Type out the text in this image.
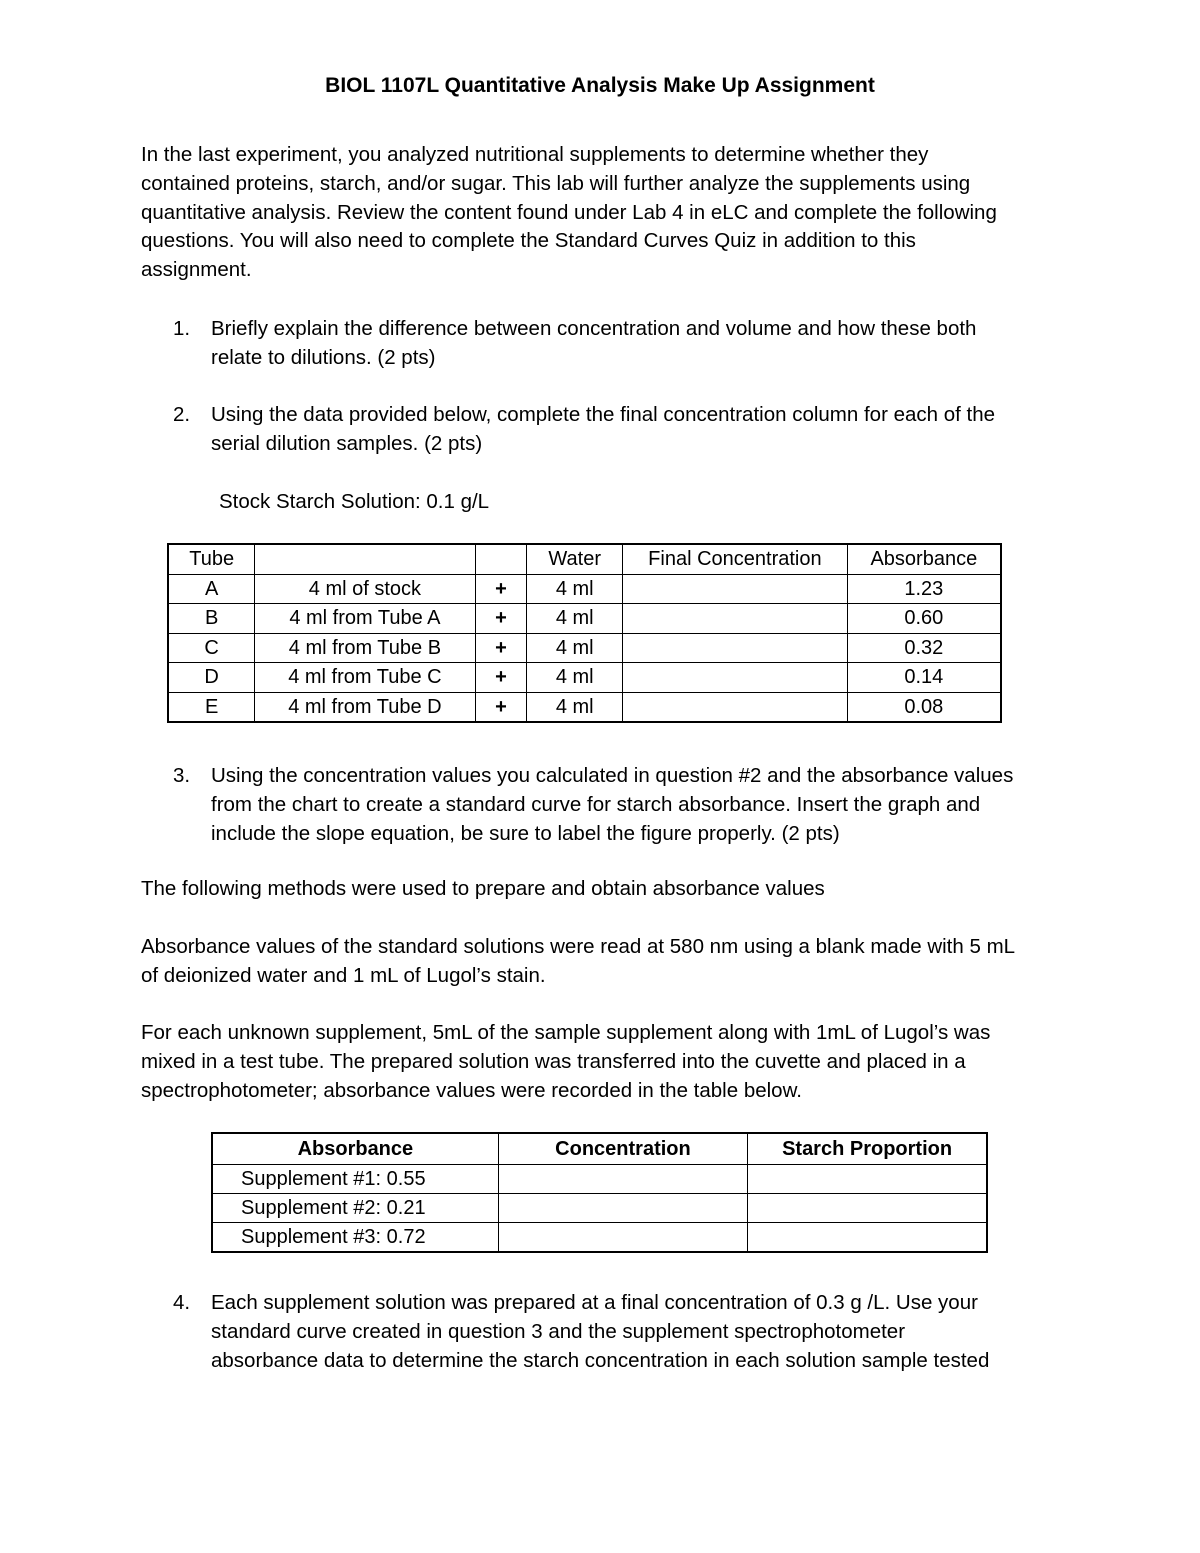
BIOL 1107L Quantitative Analysis Make Up Assignment
In the last experiment, you analyzed nutritional supplements to determine whether they
contained proteins, starch, and/or sugar. This lab will further analyze the supplements using
quantitative analysis. Review the content found under Lab 4 in eLC and complete the following
questions. You will also need to complete the Standard Curves Quiz in addition to this
assignment.
1. Briefly explain the difference between concentration and volume and how these both
relate to dilutions. (2 pts)
2. Using the data provided below, complete the final concentration column for each of the
serial dilution samples. (2 pts)
Stock Starch Solution: 0.1 g/L
Tube			Water	Final Concentration	Absorbance
A	4 ml of stock	+	4 ml		1.23
B	4 ml from Tube A	+	4 ml		0.60
C	4 ml from Tube B	+	4 ml		0.32
D	4 ml from Tube C	+	4 ml		0.14
E	4 ml from Tube D	+	4 ml		0.08
3. Using the concentration values you calculated in question #2 and the absorbance values
from the chart to create a standard curve for starch absorbance. Insert the graph and
include the slope equation, be sure to label the figure properly. (2 pts)
The following methods were used to prepare and obtain absorbance values
Absorbance values of the standard solutions were read at 580 nm using a blank made with 5 mL
of deionized water and 1 mL of Lugol’s stain.
For each unknown supplement, 5mL of the sample supplement along with 1mL of Lugol’s was
mixed in a test tube. The prepared solution was transferred into the cuvette and placed in a
spectrophotometer; absorbance values were recorded in the table below.
Absorbance	Concentration	Starch Proportion
Supplement #1: 0.55		
Supplement #2: 0.21		
Supplement #3: 0.72		
4. Each supplement solution was prepared at a final concentration of 0.3 g /L. Use your
standard curve created in question 3 and the supplement spectrophotometer
absorbance data to determine the starch concentration in each solution sample tested
